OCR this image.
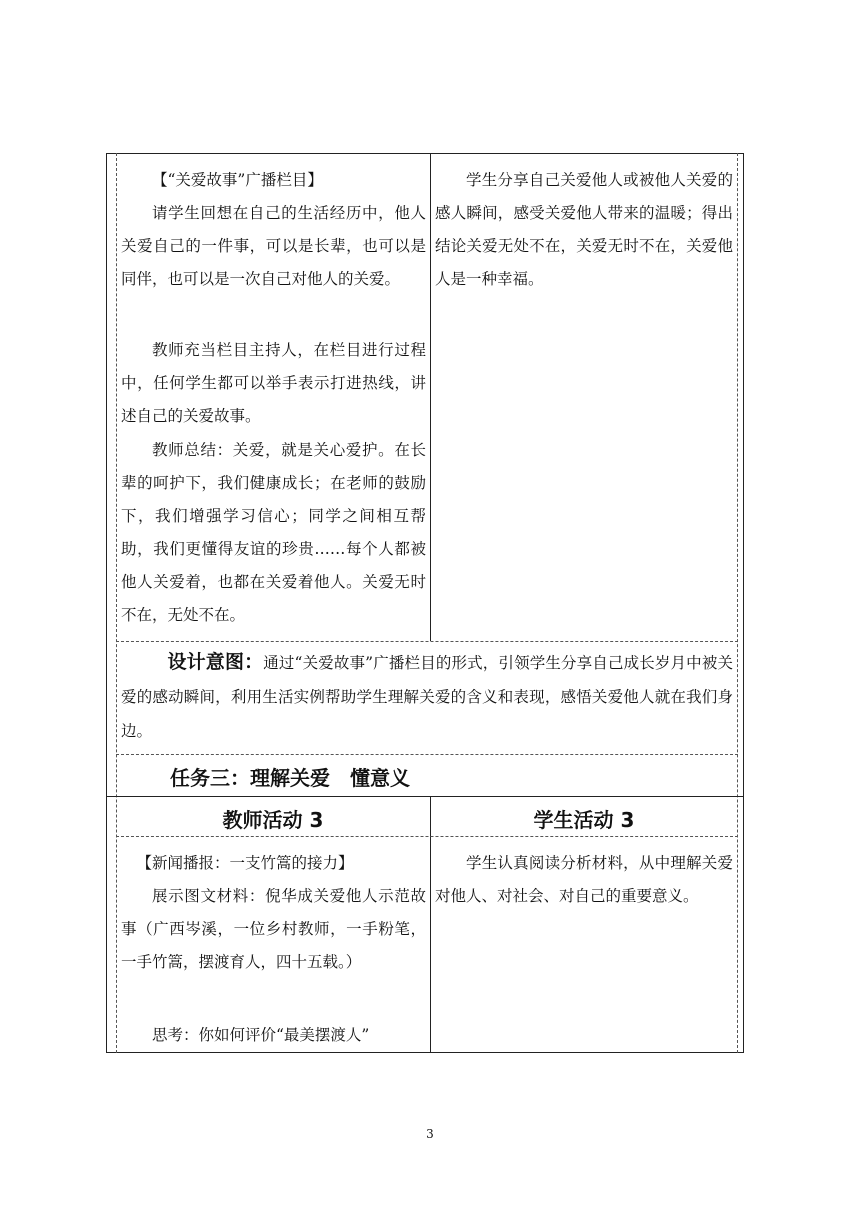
【“关爱故事”广播栏目】

请学生回想在自己的生活经历中，他人关爱自己的一件事，可以是长辈，也可以是同伴，也可以是一次自己对他人的关爱。

教师充当栏目主持人，在栏目进行过程中，任何学生都可以举手表示打进热线，讲述自己的关爱故事。

教师总结：关爱，就是关心爱护。在长辈的呵护下，我们健康成长；在老师的鼓励下，我们增强学习信心；同学之间相互帮助，我们更懂得友谊的珍贵……每个人都被他人关爱着，也都在关爱着他人。关爱无时不在，无处不在。

学生分享自己关爱他人或被他人关爱的感人瞬间，感受关爱他人带来的温暖；得出结论关爱无处不在，关爱无时不在，关爱他人是一种幸福。

设计意图：通过“关爱故事”广播栏目的形式，引领学生分享自己成长岁月中被关爱的感动瞬间，利用生活实例帮助学生理解关爱的含义和表现，感悟关爱他人就在我们身边。

任务三：理解关爱　懂意义

教师活动 3	学生活动 3

【新闻播报：一支竹篙的接力】

展示图文材料：倪华成关爱他人示范故事（广西岑溪，一位乡村教师，一手粉笔，一手竹篙，摆渡育人，四十五载。）

思考：你如何评价“最美摆渡人”

学生认真阅读分析材料，从中理解关爱对他人、对社会、对自己的重要意义。

3
